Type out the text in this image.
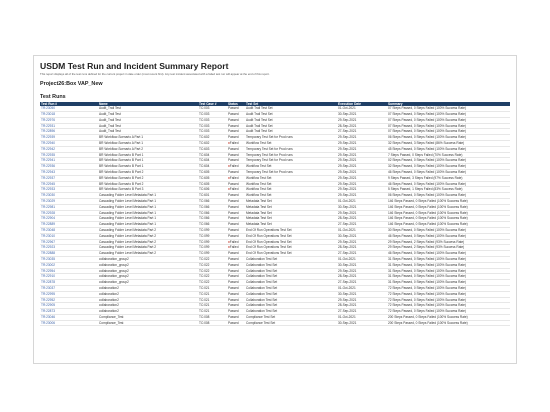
USDM Test Run and Incident Summary Report
This report displays all of the test runs defined for the current project in date order (most recent first). Any test incident associated with a failed test run will appear at the end of this report.
Project26:Box VAP_New
Test Runs
Test Run #	Name	Test Case #	Status	Test Set	Execution Date	Summary
TR:23050	Audit_Trail Test	TC:003	Passed	Audit Trail Test Set	01-Oct-2021	07 Steps Passed, 0 Steps Failed (100% Success Rate)
TR:23018	Audit_Trail Test	TC:003	Passed	Audit Trail Test Set	30-Sep-2021	07 Steps Passed, 0 Steps Failed (100% Success Rate)
TR:22976	Audit_Trail Test	TC:003	Passed	Audit Trail Test Set	29-Sep-2021	07 Steps Passed, 0 Steps Failed (100% Success Rate)
TR:22931	Audit_Trail Test	TC:003	Passed	Audit Trail Test Set	28-Sep-2021	07 Steps Passed, 0 Steps Failed (100% Success Rate)
TR:22896	Audit_Trail Test	TC:003	Passed	Audit Trail Test Set	27-Sep-2021	07 Steps Passed, 0 Steps Failed (100% Success Rate)
TR:22939	BR Workflow-Scenario A Part 1	TC:602	Passed	Temporary Test Set for Prod runs	29-Sep-2021	06 Steps Passed, 0 Steps Failed (100% Success Rate)
TR:22940	BR Workflow-Scenario A Part 1	TC:602	xFailed	Workflow Test Set	29-Sep-2021	32 Steps Passed, 3 Steps Failed (86% Success Rate)
TR:22942	BR Workflow-Scenario A Part 2	TC:603	Passed	Temporary Test Set for Prod runs	29-Sep-2021	45 Steps Passed, 0 Steps Failed (100% Success Rate)
TR:22935	BR Workflow-Scenario B Part 1	TC:604	Passed	Temporary Test Set for Prod runs	29-Sep-2021	7 Steps Passed, 0 Steps Failed (70% Success Rate)
TR:22941	BR Workflow-Scenario B Part 1	TC:604	Passed	Temporary Test Set for Prod runs	29-Sep-2021	02 Steps Passed, 0 Steps Failed (100% Success Rate)
TR:22936	BR Workflow-Scenario B Part 1	TC:604	xFailed	Workflow Test Set	29-Sep-2021	32 Steps Passed, 0 Steps Failed (100% Success Rate)
TR:22943	BR Workflow-Scenario B Part 2	TC:605	Passed	Temporary Test Set for Prod runs	29-Sep-2021	46 Steps Passed, 0 Steps Failed (100% Success Rate)
TR:22937	BR Workflow-Scenario B Part 2	TC:605	xFailed	Workflow Test Set	29-Sep-2021	9 Steps Passed, 3 Steps Failed (97% Success Rate)
TR:22945	BR Workflow-Scenario B Part 2	TC:605	Passed	Workflow Test Set	29-Sep-2021	46 Steps Passed, 0 Steps Failed (100% Success Rate)
TR:22933	BR Workflow-Scenario B Part 3	TC:606	xFailed	Workflow Test Set	29-Sep-2021	5 Steps Passed, 1 Steps Failed (83% Success Rate)
TR:23030	Cascading Folder Level Metadata Part 1	TC:601	Passed	Workflow Test Set	29-Sep-2021	06 Steps Passed, 0 Steps Failed (100% Success Rate)
TR:23029	Cascading Folder Level Metadata Part 1	TC:066	Passed	Metadata Test Set	01-Oct-2021	146 Steps Passed, 0 Steps Failed (100% Success Rate)
TR:22981	Cascading Folder Level Metadata Part 1	TC:066	Passed	Metadata Test Set	30-Sep-2021	146 Steps Passed, 0 Steps Failed (100% Success Rate)
TR:22928	Cascading Folder Level Metadata Part 1	TC:066	Passed	Metadata Test Set	29-Sep-2021	146 Steps Passed, 0 Steps Failed (100% Success Rate)
TR:22904	Cascading Folder Level Metadata Part 1	TC:066	Passed	Metadata Test Set	28-Sep-2021	146 Steps Passed, 0 Steps Failed (100% Success Rate)
TR:22889	Cascading Folder Level Metadata Part 1	TC:066	Passed	Metadata Test Set	27-Sep-2021	146 Steps Passed, 0 Steps Failed (100% Success Rate)
TR:23048	Cascading Folder Level Metadata Part 2	TC:099	Passed	End Of Run Operations Test Set	01-Oct-2021	30 Steps Passed, 0 Steps Failed (100% Success Rate)
TR:23010	Cascading Folder Level Metadata Part 2	TC:099	Passed	End Of Run Operations Test Set	30-Sep-2021	46 Steps Passed, 0 Steps Failed (100% Success Rate)
TR:22967	Cascading Folder Level Metadata Part 2	TC:099	xFailed	End Of Run Operations Test Set	29-Sep-2021	29 Steps Passed, 2 Steps Failed (93% Success Rate)
TR:22923	Cascading Folder Level Metadata Part 2	TC:099	xFailed	End Of Run Operations Test Set	28-Sep-2021	29 Steps Passed, 2 Steps Failed (93% Success Rate)
TR:22888	Cascading Folder Level Metadata Part 2	TC:099	Passed	End Of Run Operations Test Set	27-Sep-2021	46 Steps Passed, 0 Steps Failed (100% Success Rate)
TR:23035	collaboration_group2	TC:022	Passed	Collaboration Test Set	01-Oct-2021	31 Steps Passed, 0 Steps Failed (100% Success Rate)
TR:23002	collaboration_group2	TC:022	Passed	Collaboration Test Set	30-Sep-2021	31 Steps Passed, 0 Steps Failed (100% Success Rate)
TR:22954	collaboration_group2	TC:022	Passed	Collaboration Test Set	29-Sep-2021	31 Steps Passed, 0 Steps Failed (100% Success Rate)
TR:22910	collaboration_group2	TC:022	Passed	Collaboration Test Set	28-Sep-2021	31 Steps Passed, 0 Steps Failed (100% Success Rate)
TR:22878	collaboration_group2	TC:022	Passed	Collaboration Test Set	27-Sep-2021	31 Steps Passed, 0 Steps Failed (100% Success Rate)
TR:23037	collaboration2	TC:021	Passed	Collaboration Test Set	01-Oct-2021	72 Steps Passed, 0 Steps Failed (100% Success Rate)
TR:22995	collaboration2	TC:021	Passed	Collaboration Test Set	30-Sep-2021	72 Steps Passed, 0 Steps Failed (100% Success Rate)
TR:22952	collaboration2	TC:021	Passed	Collaboration Test Set	29-Sep-2021	72 Steps Passed, 0 Steps Failed (100% Success Rate)
TR:22905	collaboration2	TC:021	Passed	Collaboration Test Set	28-Sep-2021	72 Steps Passed, 0 Steps Failed (100% Success Rate)
TR:22873	collaboration2	TC:021	Passed	Collaboration Test Set	27-Sep-2021	72 Steps Passed, 0 Steps Failed (100% Success Rate)
TR:23046	Compliance_Test	TC:008	Passed	Compliance Test Set	01-Oct-2021	200 Steps Passed, 0 Steps Failed (100% Success Rate)
TR:23006	Compliance_Test	TC:008	Passed	Compliance Test Set	30-Sep-2021	200 Steps Passed, 0 Steps Failed (100% Success Rate)
